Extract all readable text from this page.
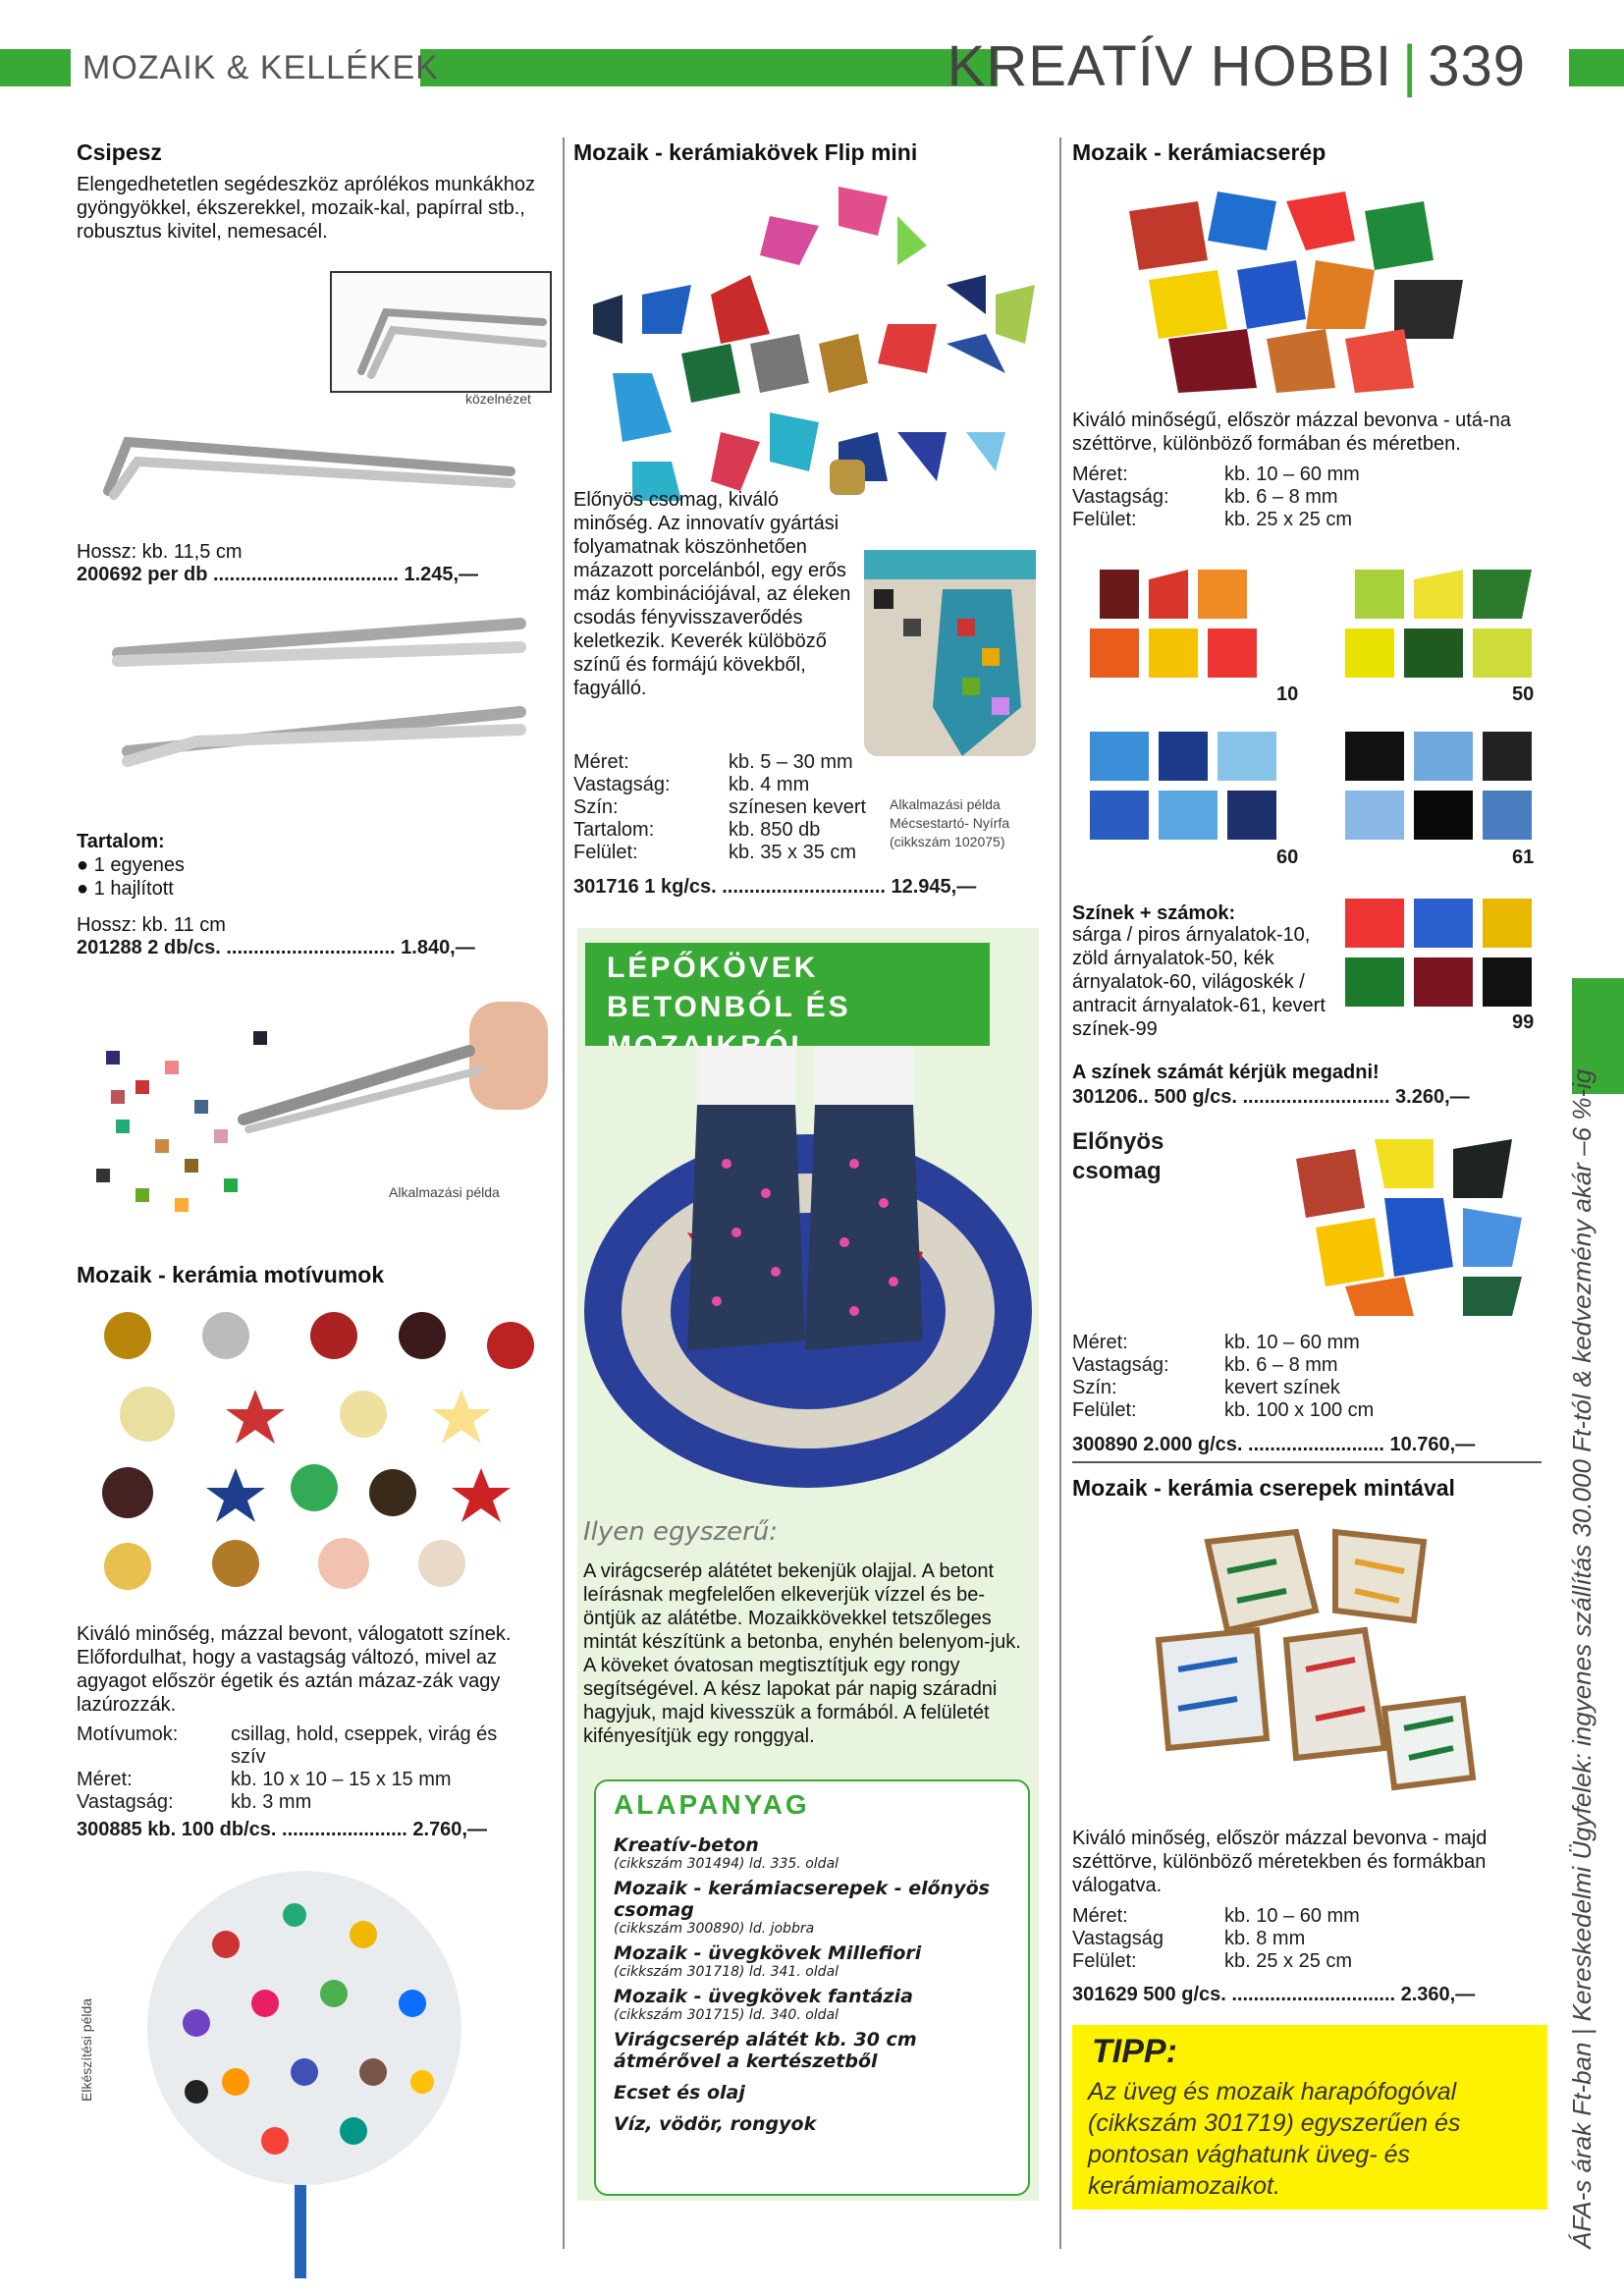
MOZAIK & KELLÉKEK	KREATÍV HOBBI | 339
Csipesz
Elengedhetetlen segédeszköz aprólékos munkákhoz gyöngyökkel, ékszerekkel, mozaik-kal, papírral stb., robusztus kivitel, nemesacél.
közelnézet
Hossz: kb. 11,5 cm
200692 per db .................................. 1.245,—
Tartalom:
● 1 egyenes
● 1 hajlított
Hossz: kb. 11 cm
201288 2 db/cs. ............................... 1.840,—
Alkalmazási példa
Mozaik - kerámia motívumok
Kiváló minőség, mázzal bevont, válogatott színek. Előfordulhat, hogy a vastagság változó, mivel az agyagot először égetik és aztán mázaz-zák vagy lazúrozzák.
Motívumok:	csillag, hold, cseppek, virág és szív
Méret:	kb. 10 x 10 – 15 x 15 mm
Vastagság:	kb. 3 mm
300885 kb. 100 db/cs. ....................... 2.760,—
Elkészítési példa
Mozaik - kerámiakövek Flip mini
Előnyös csomag, kiváló minőség. Az innovatív gyártási folyamatnak köszönhetően mázazott porcelánból, egy erős máz kombinációjával, az éleken csodás fényvisszaverődés keletkezik. Keverék külöböző színű és formájú kövekből, fagyálló.
Méret:	kb. 5 – 30 mm
Vastagság:	kb. 4 mm
Szín:	színesen kevert
Tartalom:	kb. 850 db
Felület:	kb. 35 x 35 cm
Alkalmazási példa
Mécsestartó- Nyírfa
(cikkszám 102075)
301716 1 kg/cs. .............................. 12.945,—
LÉPŐKÖVEK BETONBÓL ÉS
Ilyen egyszerű:
A virágcserép alátétet bekenjük olajjal. A betont leírásnak megfelelően elkeverjük vízzel és be-öntjük az alátétbe. Mozaikkövekkel tetszőleges mintát készítünk a betonba, enyhén belenyom-juk. A köveket óvatosan megtisztítjuk egy rongy segítségével. A kész lapokat pár napig száradni hagyjuk, majd kivesszük a formából. A felületét kifényesítjük egy ronggyal.
ALAPANYAG
Kreatív-beton
(cikkszám 301494) ld. 335. oldal
Mozaik - kerámiacserepek - előnyös csomag
(cikkszám 300890) ld. jobbra
Mozaik - üvegkövek Millefiori
(cikkszám 301718) ld. 341. oldal
Mozaik - üvegkövek fantázia
(cikkszám 301715) ld. 340. oldal
Virágcserép alátét kb. 30 cm átmérővel a kertészetből
Ecset és olaj
Víz, vödör, rongyok
Mozaik - kerámiacserép
Kiváló minőségű, először mázzal bevonva - utá-na széttörve, különböző formában és méretben.
Méret:	kb. 10 – 60 mm
Vastagság:	kb. 6 – 8 mm
Felület:	kb. 25 x 25 cm
10	50
60	61
99
Színek + számok:
sárga / piros árnyalatok-10, zöld árnyalatok-50, kék árnyalatok-60, világoskék / antracit árnyalatok-61, kevert színek-99
A színek számát kérjük megadni!
301206.. 500 g/cs. ........................... 3.260,—
Előnyös csomag
Méret:	kb. 10 – 60 mm
Vastagság:	kb. 6 – 8 mm
Szín:	kevert színek
Felület:	kb. 100 x 100 cm
300890 2.000 g/cs. ......................... 10.760,—
Mozaik - kerámia cserepek mintával
Kiváló minőség, először mázzal bevonva - majd széttörve, különböző méretekben és formákban válogatva.
Méret:	kb. 10 – 60 mm
Vastagság	kb. 8 mm
Felület:	kb. 25 x 25 cm
301629 500 g/cs. .............................. 2.360,—
TIPP:
Az üveg és mozaik harapófogóval (cikkszám 301719) egyszerűen és pontosan vághatunk üveg- és kerámiamozaikot.	ÁFA-s árak Ft-ban | Kereskedelmi Ügyfelek: ingyenes szállítás 30.000 Ft-tól & kedvezmény akár –6 %-ig
